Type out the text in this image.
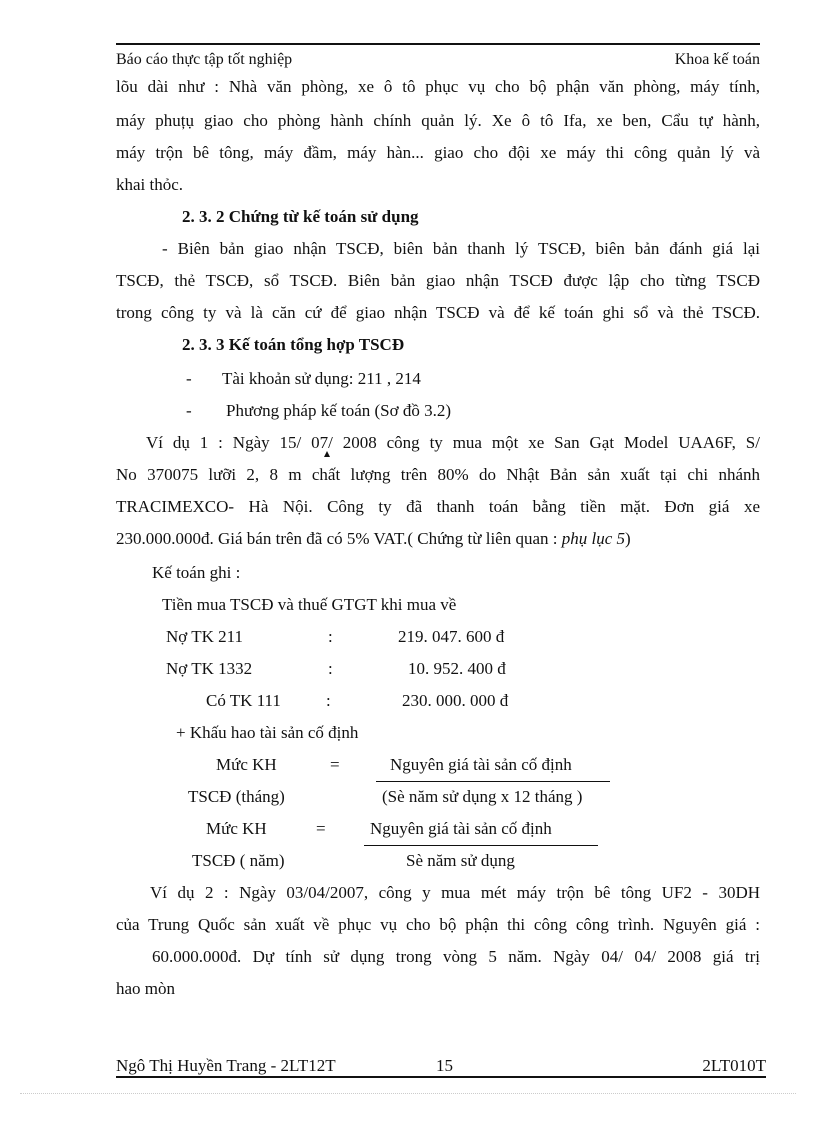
Báo cáo thực tập tốt nghiệp	Khoa kế toán
lõu dài như : Nhà văn phòng, xe ô tô phục vụ cho bộ phận văn phòng, máy tính,
máy phuțụ giao cho phòng hành chính quản lý. Xe ô tô Ifa, xe ben, Cẩu tự hành,
máy trộn bê tông, máy đầm, máy hàn... giao cho đội xe máy thi công quản lý và
khai thỏc.
2. 3. 2 Chứng từ kế toán sử dụng
- Biên bản giao nhận TSCĐ, biên bản thanh lý TSCĐ, biên bản đánh giá lại
TSCĐ, thẻ TSCĐ, sổ TSCĐ. Biên bản giao nhận TSCĐ được lập cho từng TSCĐ
trong công ty và là căn cứ để giao nhận TSCĐ và để kế toán ghi sổ và thẻ TSCĐ.
2. 3. 3 Kế toán tổng hợp TSCĐ
- Tài khoản sử dụng: 211 , 214
- Phương pháp kế toán (Sơ đồ 3.2)
Ví dụ 1 : Ngày 15/ 07/ 2008 công ty mua một xe San Gạt Model UAA6F, S/
No 370075 lưỡi 2, 8 m chất lượng trên 80% do Nhật Bản sản xuất tại chi nhánh
TRACIMEXCO- Hà Nội. Công ty đã thanh toán bằng tiền mặt. Đơn giá xe
230.000.000đ. Giá bán trên đã có 5% VAT.( Chứng từ liên quan : phụ lục 5)
Kế toán ghi :
Tiền mua TSCĐ và thuế GTGT khi mua về
Nợ TK 211	:	219. 047. 600 đ
Nợ TK 1332	:	10. 952. 400 đ
Có TK 111	:	230. 000. 000 đ
+ Khấu hao tài sản cố định
Mức KH	=	Nguyên giá tài sản cố định
TSCĐ (tháng)	(Sè năm sử dụng x 12 tháng )
Mức KH	=	Nguyên giá tài sản cố định
TSCĐ ( năm)	Sè năm sử dụng
Ví dụ 2 : Ngày 03/04/2007, công y mua mét máy trộn bê tông UF2 - 30DH
của Trung Quốc sản xuất về phục vụ cho bộ phận thi công công trình. Nguyên giá :
60.000.000đ. Dự tính sử dụng trong vòng 5 năm. Ngày 04/ 04/ 2008 giá trị
hao mòn
Ngô Thị Huyền Trang - 2LT12T	15	2LT010T
